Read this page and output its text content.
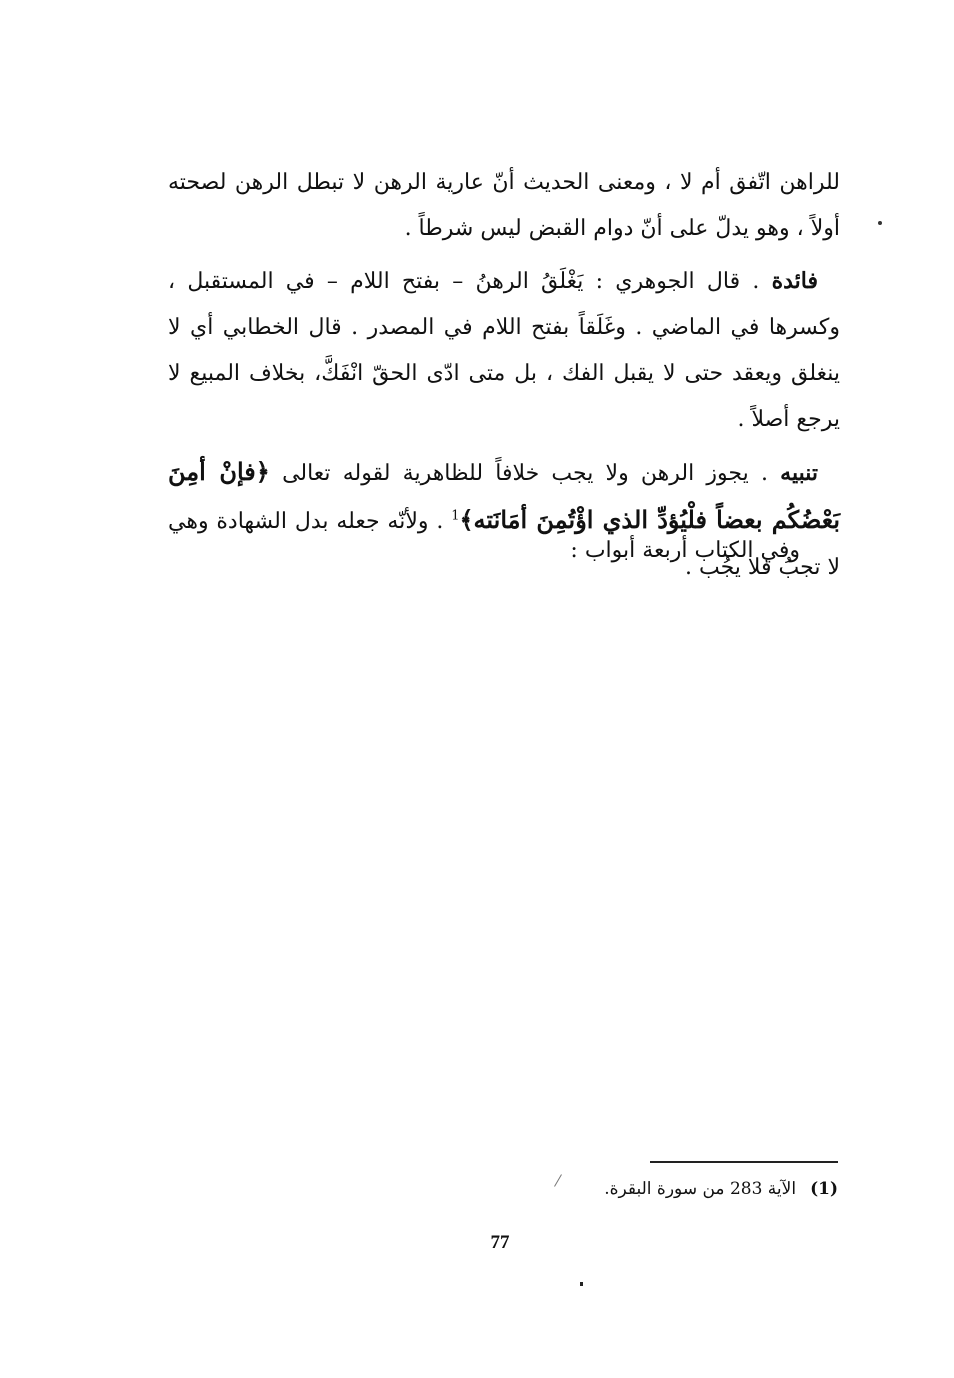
للراهن اتّفق أم لا ، ومعنى الحديث أنّ عارية الرهن لا تبطل الرهن لصحته أولاً ، وهو يدلّ على أنّ دوام القبض ليس شرطاً .

فائدة . قال الجوهري : يَغْلَقُ الرهنُ – بفتح اللام – في المستقبل ، وكسرها في الماضي . وغَلَقاً بفتح اللام في المصدر . قال الخطابي أي لا ينغلق ويعقد حتى لا يقبل الفك ، بل متى ادّى الحقّ انْفَكَّ، بخلاف المبيع لا يرجع أصلاً .

تنبيه . يجوز الرهن ولا يجب خلافاً للظاهرية لقوله تعالى ﴿فإنْ أمِنَ بَعْضُكُم بعضاً فلْيُؤدِّ الذي اؤْتُمِنَ أمَانَته﴾$^1$ . ولأنّه جعله بدل الشهادة وهي لا تجبُ فلا يجُب .

وفي الكتاب أربعة أبواب :

(1)الآية 283 من سورة البقرة.

77
